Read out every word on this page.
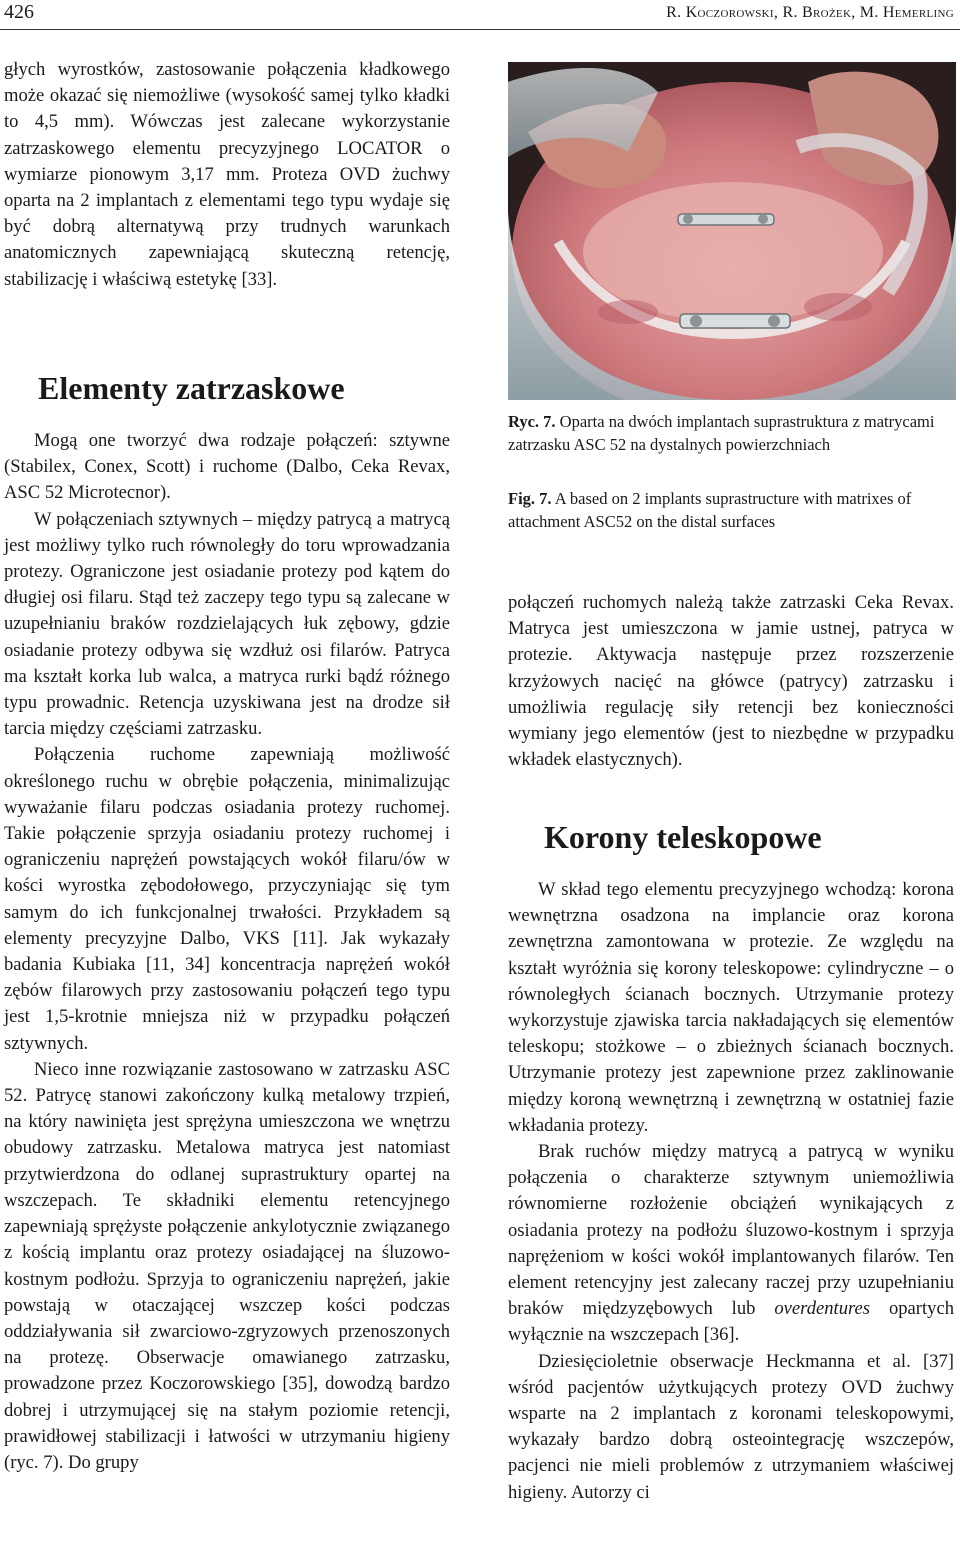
426	R. Koczorowski, R. Brożek, M. Hemerling

głych wyrostków, zastosowanie połączenia kładkowego może okazać się niemożliwe (wysokość samej tylko kładki to 4,5 mm). Wówczas jest zalecane wykorzystanie zatrzaskowego elementu precyzyjnego LOCATOR o wymiarze pionowym 3,17 mm. Proteza OVD żuchwy oparta na 2 implantach z elementami tego typu wydaje się być dobrą alternatywą przy trudnych warunkach anatomicznych zapewniającą skuteczną retencję, stabilizację i właściwą estetykę [33].

Elementy zatrzaskowe

Mogą one tworzyć dwa rodzaje połączeń: sztywne (Stabilex, Conex, Scott) i ruchome (Dalbo, Ceka Revax, ASC 52 Microtecnor).

W połączeniach sztywnych – między patrycą a matrycą jest możliwy tylko ruch równoległy do toru wprowadzania protezy. Ograniczone jest osiadanie protezy pod kątem do długiej osi filaru. Stąd też zaczepy tego typu są zalecane w uzupełnianiu braków rozdzielających łuk zębowy, gdzie osiadanie protezy odbywa się wzdłuż osi filarów. Patryca ma kształt korka lub walca, a matryca rurki bądź różnego typu prowadnic. Retencja uzyskiwana jest na drodze sił tarcia między częściami zatrzasku.

Połączenia ruchome zapewniają możliwość określonego ruchu w obrębie połączenia, minimalizując wyważanie filaru podczas osiadania protezy ruchomej. Takie połączenie sprzyja osiadaniu protezy ruchomej i ograniczeniu naprężeń powstających wokół filaru/ów w kości wyrostka zębodołowego, przyczyniając się tym samym do ich funkcjonalnej trwałości. Przykładem są elementy precyzyjne Dalbo, VKS [11]. Jak wykazały badania Kubiaka [11, 34] koncentracja naprężeń wokół zębów filarowych przy zastosowaniu połączeń tego typu jest 1,5-krotnie mniejsza niż w przypadku połączeń sztywnych.

Nieco inne rozwiązanie zastosowano w zatrzasku ASC 52. Patrycę stanowi zakończony kulką metalowy trzpień, na który nawinięta jest sprężyna umieszczona we wnętrzu obudowy zatrzasku. Metalowa matryca jest natomiast przytwierdzona do odlanej suprastruktury opartej na wszczepach. Te składniki elementu retencyjnego zapewniają sprężyste połączenie ankylotycznie związanego z kością implantu oraz protezy osiadającej na śluzowo-kostnym podłożu. Sprzyja to ograniczeniu naprężeń, jakie powstają w otaczającej wszczep kości podczas oddziaływania sił zwarciowo-zgryzowych przenoszonych na protezę. Obserwacje omawianego zatrzasku, prowadzone przez Koczorowskiego [35], dowodzą bardzo dobrej i utrzymującej się na stałym poziomie retencji, prawidłowej stabilizacji i łatwości w utrzymaniu higieny (ryc. 7). Do grupy

Ryc. 7. Oparta na dwóch implantach suprastruktura z matrycami zatrzasku ASC 52 na dystalnych powierzchniach
Fig. 7. A based on 2 implants suprastructure with matrixes of attachment ASC52 on the distal surfaces

połączeń ruchomych należą także zatrzaski Ceka Revax. Matryca jest umieszczona w jamie ustnej, patryca w protezie. Aktywacja następuje przez rozszerzenie krzyżowych nacięć na główce (patrycy) zatrzasku i umożliwia regulację siły retencji bez konieczności wymiany jego elementów (jest to niezbędne w przypadku wkładek elastycznych).

Korony teleskopowe

W skład tego elementu precyzyjnego wchodzą: korona wewnętrzna osadzona na implancie oraz korona zewnętrzna zamontowana w protezie. Ze względu na kształt wyróżnia się korony teleskopowe: cylindryczne – o równoległych ścianach bocznych. Utrzymanie protezy wykorzystuje zjawiska tarcia nakładających się elementów teleskopu; stożkowe – o zbieżnych ścianach bocznych. Utrzymanie protezy jest zapewnione przez zaklinowanie między koroną wewnętrzną i zewnętrzną w ostatniej fazie wkładania protezy.

Brak ruchów między matrycą a patrycą w wyniku połączenia o charakterze sztywnym uniemożliwia równomierne rozłożenie obciążeń wynikających z osiadania protezy na podłożu śluzowo-kostnym i sprzyja naprężeniom w kości wokół implantowanych filarów. Ten element retencyjny jest zalecany raczej przy uzupełnianiu braków międzyzębowych lub overdentures opartych wyłącznie na wszczepach [36].

Dziesięcioletnie obserwacje Heckmanna et al. [37] wśród pacjentów użytkujących protezy OVD żuchwy wsparte na 2 implantach z koronami teleskopowymi, wykazały bardzo dobrą osteointegrację wszczepów, pacjenci nie mieli problemów z utrzymaniem właściwej higieny. Autorzy ci
